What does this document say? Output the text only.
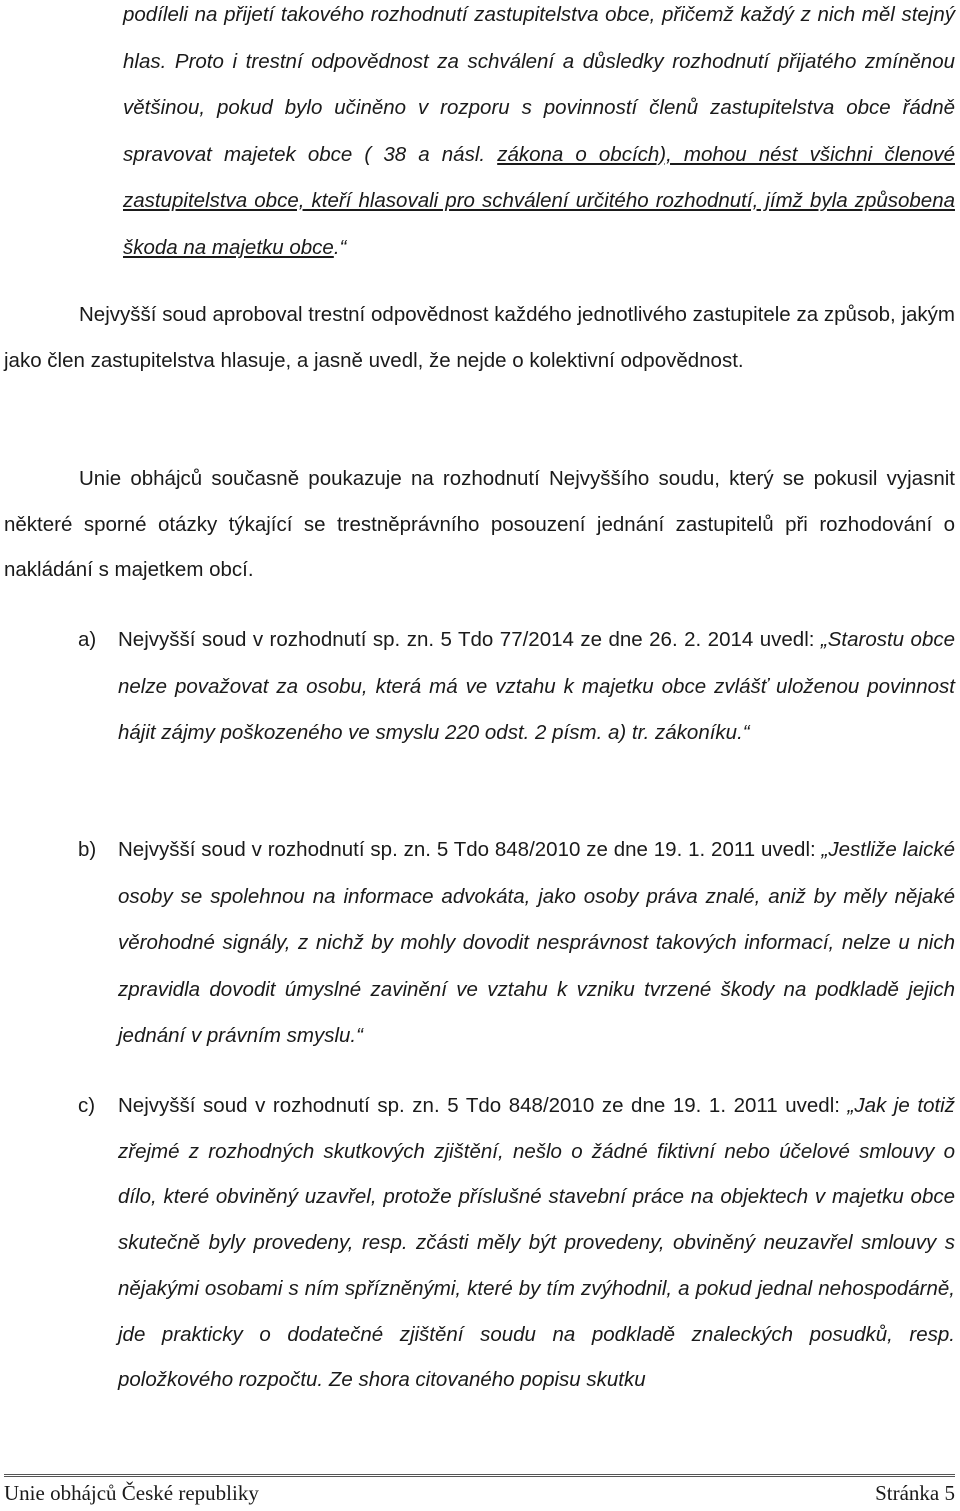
podíleli na přijetí takového rozhodnutí zastupitelstva obce, přičemž každý z nich měl stejný hlas. Proto i trestní odpovědnost za schválení a důsledky rozhodnutí přijatého zmíněnou většinou, pokud bylo učiněno v rozporu s povinností členů zastupitelstva obce řádně spravovat majetek obce ( 38 a násl. zákona o obcích), mohou nést všichni členové zastupitelstva obce, kteří hlasovali pro schválení určitého rozhodnutí, jímž byla způsobena škoda na majetku obce.“

Nejvyšší soud aproboval trestní odpovědnost každého jednotlivého zastupitele za způsob, jakým jako člen zastupitelstva hlasuje, a jasně uvedl, že nejde o kolektivní odpovědnost.

Unie obhájců současně poukazuje na rozhodnutí Nejvyššího soudu, který se pokusil vyjasnit některé sporné otázky týkající se trestněprávního posouzení jednání zastupitelů při rozhodování o nakládání s majetkem obcí.

a) Nejvyšší soud v rozhodnutí sp. zn. 5 Tdo 77/2014 ze dne 26. 2. 2014 uvedl: „Starostu obce nelze považovat za osobu, která má ve vztahu k majetku obce zvlášť uloženou povinnost hájit zájmy poškozeného ve smyslu 220 odst. 2 písm. a) tr. zákoníku.“
b) Nejvyšší soud v rozhodnutí sp. zn. 5 Tdo 848/2010 ze dne 19. 1. 2011 uvedl: „Jestliže laické osoby se spolehnou na informace advokáta, jako osoby práva znalé, aniž by měly nějaké věrohodné signály, z nichž by mohly dovodit nesprávnost takových informací, nelze u nich zpravidla dovodit úmyslné zavinění ve vztahu k vzniku tvrzené škody na podkladě jejich jednání v právním smyslu.“
c) Nejvyšší soud v rozhodnutí sp. zn. 5 Tdo 848/2010 ze dne 19. 1. 2011 uvedl: „Jak je totiž zřejmé z rozhodných skutkových zjištění, nešlo o žádné fiktivní nebo účelové smlouvy o dílo, které obviněný uzavřel, protože příslušné stavební práce na objektech v majetku obce skutečně byly provedeny, resp. zčásti měly být provedeny, obviněný neuzavřel smlouvy s nějakými osobami s ním spřízněnými, které by tím zvýhodnil, a pokud jednal nehospodárně, jde prakticky o dodatečné zjištění soudu na podkladě znaleckých posudků, resp. položkového rozpočtu. Ze shora citovaného popisu skutku
Unie obhájců České republiky	Stránka 5
